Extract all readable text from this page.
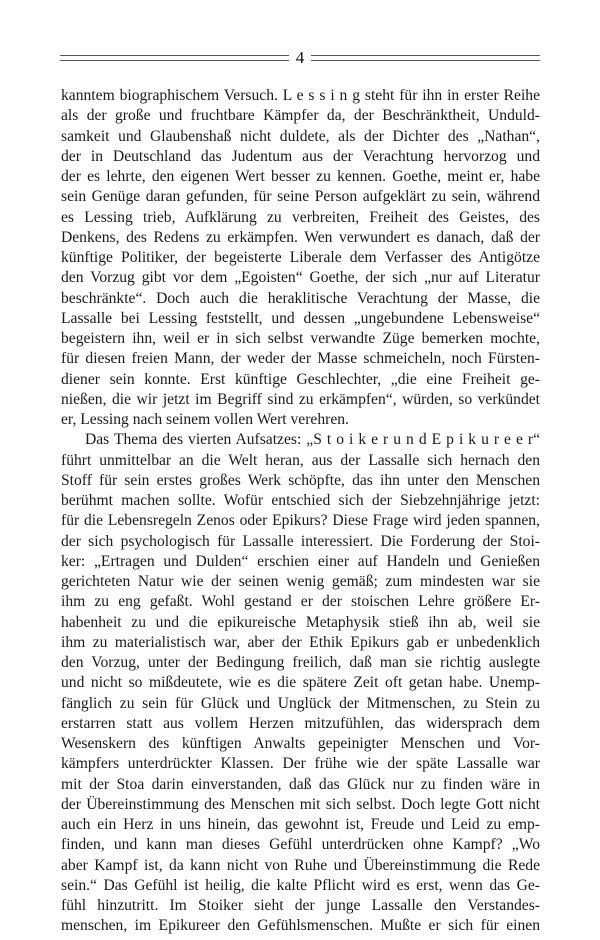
4
kanntem biographischem Versuch. L e s s i n g steht für ihn in erster Reihe
als der große und fruchtbare Kämpfer da, der Beschränktheit, Unduld-
samkeit und Glaubenshaß nicht duldete, als der Dichter des „Nathan“,
der in Deutschland das Judentum aus der Verachtung hervorzog und
der es lehrte, den eigenen Wert besser zu kennen. Goethe, meint er, habe
sein Genüge daran gefunden, für seine Person aufgeklärt zu sein, während
es Lessing trieb, Aufklärung zu verbreiten, Freiheit des Geistes, des
Denkens, des Redens zu erkämpfen. Wen verwundert es danach, daß der
künftige Politiker, der begeisterte Liberale dem Verfasser des Antigötze
den Vorzug gibt vor dem „Egoisten“ Goethe, der sich „nur auf Literatur
beschränkte“. Doch auch die heraklitische Verachtung der Masse, die
Lassalle bei Lessing feststellt, und dessen „ungebundene Lebensweise“
begeistern ihn, weil er in sich selbst verwandte Züge bemerken mochte,
für diesen freien Mann, der weder der Masse schmeicheln, noch Fürsten-
diener sein konnte. Erst künftige Geschlechter, „die eine Freiheit ge-
nießen, die wir jetzt im Begriff sind zu erkämpfen“, würden, so verkündet
er, Lessing nach seinem vollen Wert verehren.
Das Thema des vierten Aufsatzes: „S t o i k e r u n d E p i k u r e e r“
führt unmittelbar an die Welt heran, aus der Lassalle sich hernach den
Stoff für sein erstes großes Werk schöpfte, das ihn unter den Menschen
berühmt machen sollte. Wofür entschied sich der Siebzehnjährige jetzt:
für die Lebensregeln Zenos oder Epikurs? Diese Frage wird jeden spannen,
der sich psychologisch für Lassalle interessiert. Die Forderung der Stoi-
ker: „Ertragen und Dulden“ erschien einer auf Handeln und Genießen
gerichteten Natur wie der seinen wenig gemäß; zum mindesten war sie
ihm zu eng gefaßt. Wohl gestand er der stoischen Lehre größere Er-
habenheit zu und die epikureische Metaphysik stieß ihn ab, weil sie
ihm zu materialistisch war, aber der Ethik Epikurs gab er unbedenklich
den Vorzug, unter der Bedingung freilich, daß man sie richtig auslegte
und nicht so mißdeutete, wie es die spätere Zeit oft getan habe. Unemp-
fänglich zu sein für Glück und Unglück der Mitmenschen, zu Stein zu
erstarren statt aus vollem Herzen mitzufühlen, das widersprach dem
Wesenskern des künftigen Anwalts gepeinigter Menschen und Vor-
kämpfers unterdrückter Klassen. Der frühe wie der späte Lassalle war
mit der Stoa darin einverstanden, daß das Glück nur zu finden wäre in
der Übereinstimmung des Menschen mit sich selbst. Doch legte Gott nicht
auch ein Herz in uns hinein, das gewohnt ist, Freude und Leid zu emp-
finden, und kann man dieses Gefühl unterdrücken ohne Kampf? „Wo
aber Kampf ist, da kann nicht von Ruhe und Übereinstimmung die Rede
sein.“ Das Gefühl ist heilig, die kalte Pflicht wird es erst, wenn das Ge-
fühl hinzutritt. Im Stoiker sieht der junge Lassalle den Verstandes-
menschen, im Epikureer den Gefühlsmenschen. Mußte er sich für einen
